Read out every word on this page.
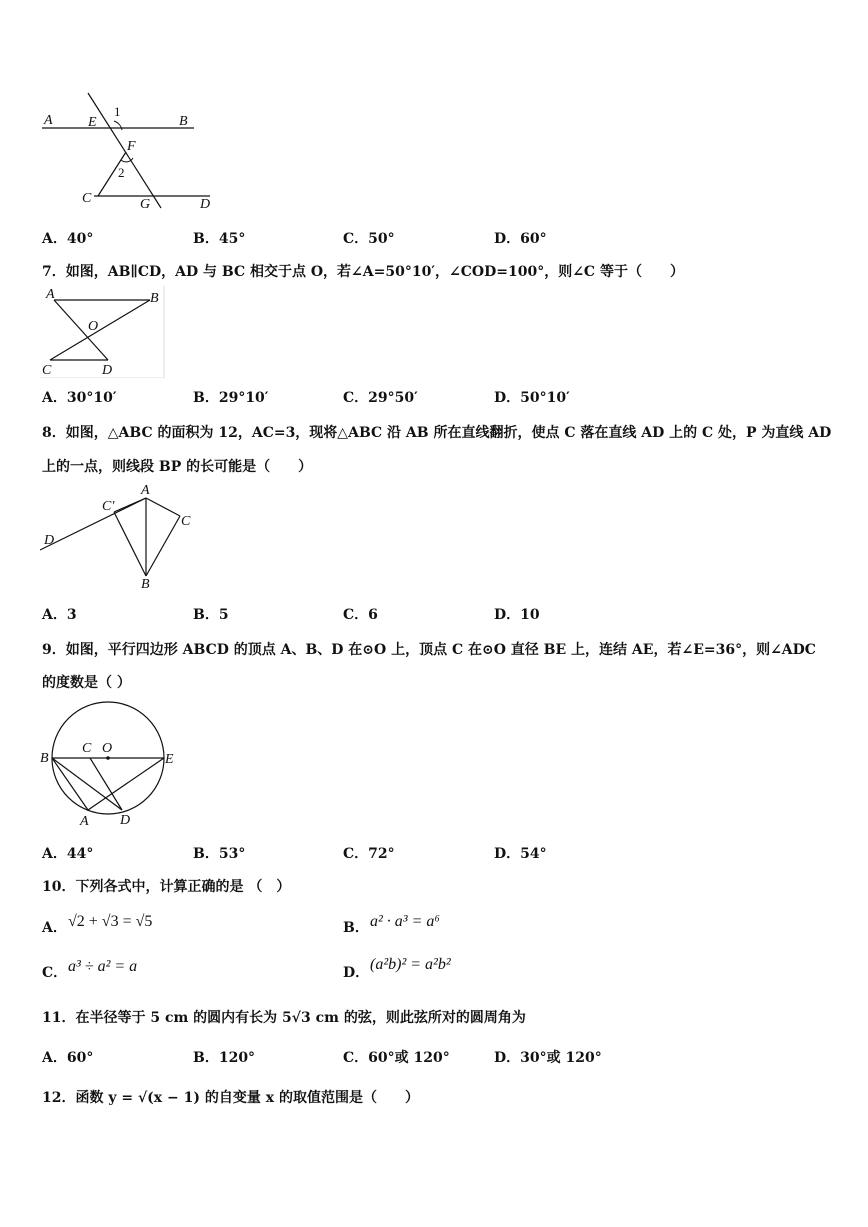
A	E
1
B
F
2
C	G	D
A．40°	B．45°	C．50°	D．60°
7．如图，AB∥CD，AD 与 BC 相交于点 O，若∠A=50°10′，∠COD=100°，则∠C 等于（　　）
A	B
O
C	D
A．30°10′	B．29°10′	C．29°50′	D．50°10′
8．如图，△ABC 的面积为 12，AC=3，现将△ABC 沿 AB 所在直线翻折，使点 C 落在直线 AD 上的 C 处，P 为直线 AD
上的一点，则线段 BP 的长可能是（　　）
A
C′
C
D
B
A．3	B．5	C．6	D．10
9．如图，平行四边形 ABCD 的顶点 A、B、D 在⊙O 上，顶点 C 在⊙O 直径 BE 上，连结 AE，若∠E=36°，则∠ADC
的度数是（ ）
B
C O
E
A D
A．44°	B．53°	C．72°	D．54°
10．下列各式中，计算正确的是 （　）
A． √2 + √3 = √5	B． a² · a³ = a⁶
C． a³ ÷ a² = a	D． (a²b)² = a²b²
11．在半径等于 5 cm 的圆内有长为 5√3 cm 的弦，则此弦所对的圆周角为
A．60°	B．120°	C．60°或 120°	D．30°或 120°
12．函数 y = √(x − 1) 的自变量 x 的取值范围是（　　）
